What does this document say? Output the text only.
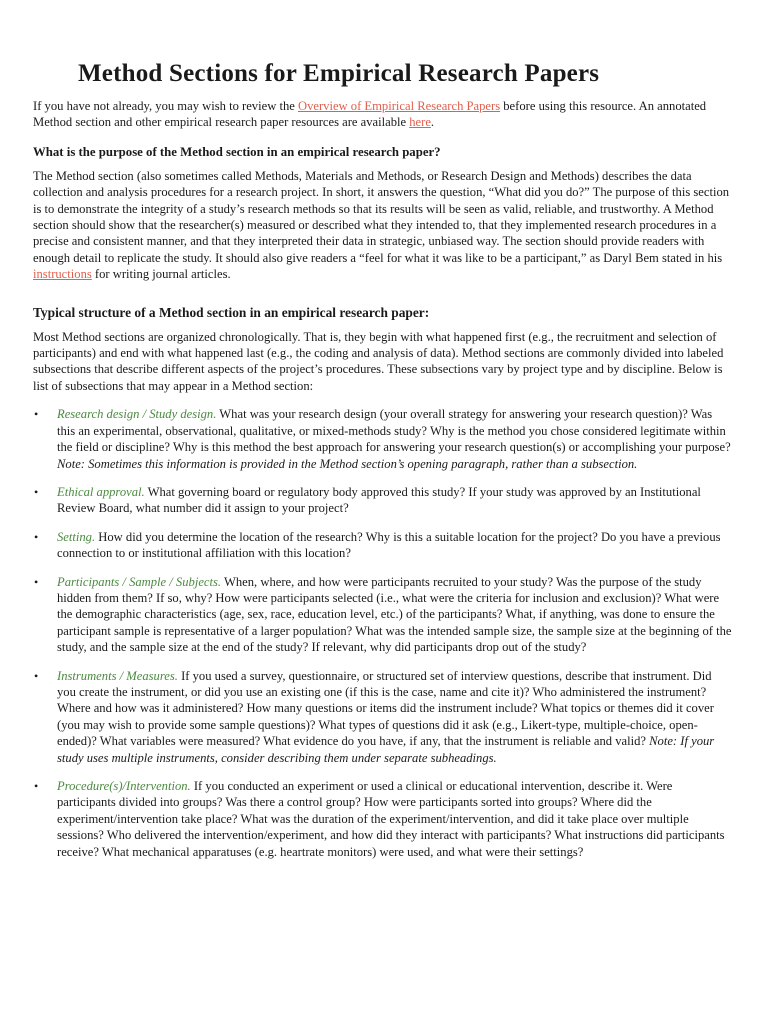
Method Sections for Empirical Research Papers

If you have not already, you may wish to review the Overview of Empirical Research Papers before using this resource. An annotated Method section and other empirical research paper resources are available here.

What is the purpose of the Method section in an empirical research paper?

The Method section (also sometimes called Methods, Materials and Methods, or Research Design and Methods) describes the data collection and analysis procedures for a research project. In short, it answers the question, “What did you do?” The purpose of this section is to demonstrate the integrity of a study’s research methods so that its results will be seen as valid, reliable, and trustworthy. A Method section should show that the researcher(s) measured or described what they intended to, that they implemented research procedures in a precise and consistent manner, and that they interpreted their data in strategic, unbiased way. The section should provide readers with enough detail to replicate the study. It should also give readers a “feel for what it was like to be a participant,” as Daryl Bem stated in his instructions for writing journal articles.

Typical structure of a Method section in an empirical research paper:

Most Method sections are organized chronologically. That is, they begin with what happened first (e.g., the recruitment and selection of participants) and end with what happened last (e.g., the coding and analysis of data). Method sections are commonly divided into labeled subsections that describe different aspects of the project’s procedures. These subsections vary by project type and by discipline. Below is list of subsections that may appear in a Method section:

• Research design / Study design. What was your research design (your overall strategy for answering your research question)? Was this an experimental, observational, qualitative, or mixed-methods study? Why is the method you chose considered legitimate within the field or discipline? Why is this method the best approach for answering your research question(s) or accomplishing your purpose? Note: Sometimes this information is provided in the Method section’s opening paragraph, rather than a subsection.
• Ethical approval. What governing board or regulatory body approved this study? If your study was approved by an Institutional Review Board, what number did it assign to your project?
• Setting. How did you determine the location of the research? Why is this a suitable location for the project? Do you have a previous connection to or institutional affiliation with this location?
• Participants / Sample / Subjects. When, where, and how were participants recruited to your study? Was the purpose of the study hidden from them? If so, why? How were participants selected (i.e., what were the criteria for inclusion and exclusion)? What were the demographic characteristics (age, sex, race, education level, etc.) of the participants? What, if anything, was done to ensure the participant sample is representative of a larger population? What was the intended sample size, the sample size at the beginning of the study, and the sample size at the end of the study? If relevant, why did participants drop out of the study?
• Instruments / Measures. If you used a survey, questionnaire, or structured set of interview questions, describe that instrument. Did you create the instrument, or did you use an existing one (if this is the case, name and cite it)? Who administered the instrument? Where and how was it administered? How many questions or items did the instrument include? What topics or themes did it cover (you may wish to provide some sample questions)? What types of questions did it ask (e.g., Likert-type, multiple-choice, open-ended)? What variables were measured? What evidence do you have, if any, that the instrument is reliable and valid? Note: If your study uses multiple instruments, consider describing them under separate subheadings.
• Procedure(s)/Intervention. If you conducted an experiment or used a clinical or educational intervention, describe it. Were participants divided into groups? Was there a control group? How were participants sorted into groups? Where did the experiment/intervention take place? What was the duration of the experiment/intervention, and did it take place over multiple sessions? Who delivered the intervention/experiment, and how did they interact with participants? What instructions did participants receive? What mechanical apparatuses (e.g. heartrate monitors) were used, and what were their settings?
